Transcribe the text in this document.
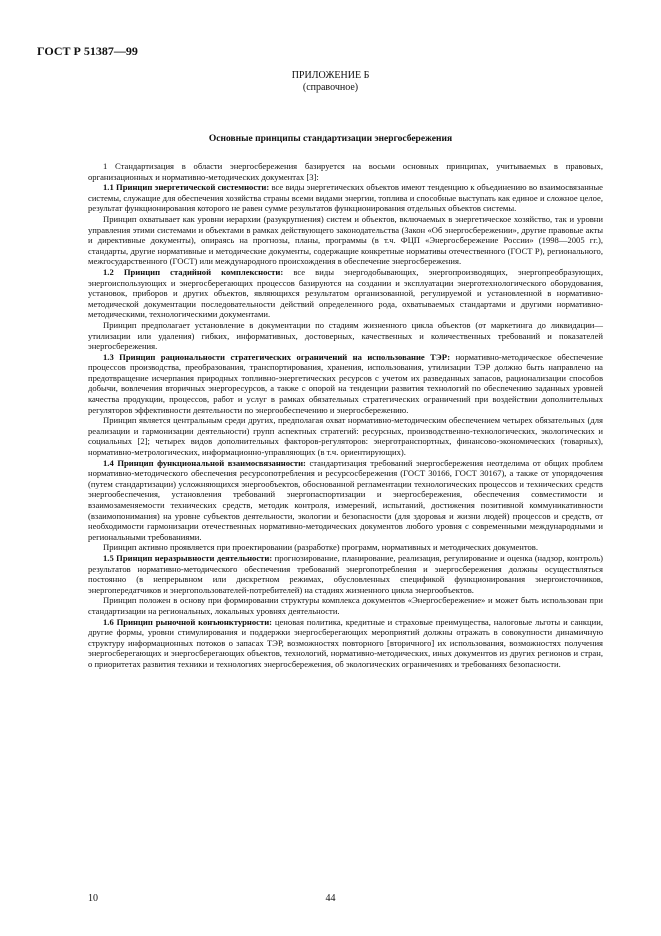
ГОСТ Р 51387—99
ПРИЛОЖЕНИЕ Б
(справочное)
Основные принципы стандартизации энергосбережения

1 Стандартизация в области энергосбережения базируется на восьми основных принципах, учитываемых в правовых, организационных и нормативно-методических документах [3]:

1.1 Принцип энергетической системности: все виды энергетических объектов имеют тенденцию к объединению во взаимосвязанные системы, служащие для обеспечения хозяйства страны всеми видами энергии, топлива и способные выступать как единое и сложное целое, результат функционирования которого не равен сумме результатов функционирования отдельных объектов системы.

Принцип охватывает как уровни иерархии (разукрупнения) систем и объектов, включаемых в энергетическое хозяйство, так и уровни управления этими системами и объектами в рамках действующего законодательства (Закон «Об энергосбережении», другие правовые акты и директивные документы), опираясь на прогнозы, планы, программы (в т.ч. ФЦП «Энергосбережение России» (1998—2005 гг.), стандарты, другие нормативные и методические документы, содержащие конкретные нормативы отечественного (ГОСТ Р), регионального, межгосударственного (ГОСТ) или международного происхождения в обеспечение энергосбережения.

1.2 Принцип стадийной комплексности: все виды энергодобывающих, энергопроизводящих, энергопреобразующих, энергоиспользующих и энергосберегающих процессов базируются на создании и эксплуатации энерготехнологического оборудования, установок, приборов и других объектов, являющихся результатом организованной, регулируемой и установленной в нормативно-методической документации последовательности действий определенного рода, охватываемых стандартами и другими нормативно-методическими, технологическими документами.

Принцип предполагает установление в документации по стадиям жизненного цикла объектов (от маркетинга до ликвидации—утилизации или удаления) гибких, информативных, достоверных, качественных и количественных требований и показателей энергосбережения.

1.3 Принцип рациональности стратегических ограничений на использование ТЭР: нормативно-методическое обеспечение процессов производства, преобразования, транспортирования, хранения, использования, утилизации ТЭР должно быть направлено на предотвращение исчерпания природных топливно-энергетических ресурсов с учетом их разведанных запасов, рационализации способов добычи, вовлечения вторичных энергоресурсов, а также с опорой на тенденции развития технологий по обеспечению заданных уровней качества продукции, процессов, работ и услуг в рамках обязательных стратегических ограничений при воздействии дополнительных регуляторов эффективности деятельности по энергообеспечению и энергосбережению.

Принцип является центральным среди других, предполагая охват нормативно-методическим обеспечением четырех обязательных (для реализации и гармонизации деятельности) групп аспектных стратегий: ресурсных, производственно-технологических, экологических и социальных [2]; четырех видов дополнительных факторов-регуляторов: энерготранспортных, финансово-экономических (товарных), нормативно-метрологических, информационно-управляющих (в т.ч. ориентирующих).

1.4 Принцип функциональной взаимосвязанности: стандартизация требований энергосбережения неотделима от общих проблем нормативно-методического обеспечения ресурсопотребления и ресурсосбережения (ГОСТ 30166, ГОСТ 30167), а также от упорядочения (путем стандартизации) усложняющихся энергообъектов, обоснованной регламентации технологических процессов и технических средств энергообеспечения, установления требований энергопаспортизации и энергосбережения, обеспечения совместимости и взаимозаменяемости технических средств, методик контроля, измерений, испытаний, достижения позитивной коммуникативности (взаимопонимания) на уровне субъектов деятельности, экологии и безопасности (для здоровья и жизни людей) процессов и средств, от необходимости гармонизации отечественных нормативно-методических документов любого уровня с современными международными и региональными требованиями.

Принцип активно проявляется при проектировании (разработке) программ, нормативных и методических документов.

1.5 Принцип неразрывности деятельности: прогнозирование, планирование, реализация, регулирование и оценка (надзор, контроль) результатов нормативно-методического обеспечения требований энергопотребления и энергосбережения должны осуществляться постоянно (в непрерывном или дискретном режимах, обусловленных спецификой функционирования энергоисточников, энергопередатчиков и энергопользователей-потребителей) на стадиях жизненного цикла энергообъектов.

Принцип положен в основу при формировании структуры комплекса документов «Энергосбережение» и может быть использован при стандартизации на региональных, локальных уровнях деятельности.

1.6 Принцип рыночной конъюнктурности: ценовая политика, кредитные и страховые преимущества, налоговые льготы и санкции, другие формы, уровни стимулирования и поддержки энергосберегающих мероприятий должны отражать в совокупности динамичную структуру информационных потоков о запасах ТЭР, возможностях повторного [вторичного] их использования, возможностях получения энергосберегающих и энергосберегающих объектов, технологий, нормативно-методических, иных документов из других регионов и стран, о приоритетах развития техники и технологиях энергосбережения, об экологических ограничениях и требованиях безопасности.

10	44
